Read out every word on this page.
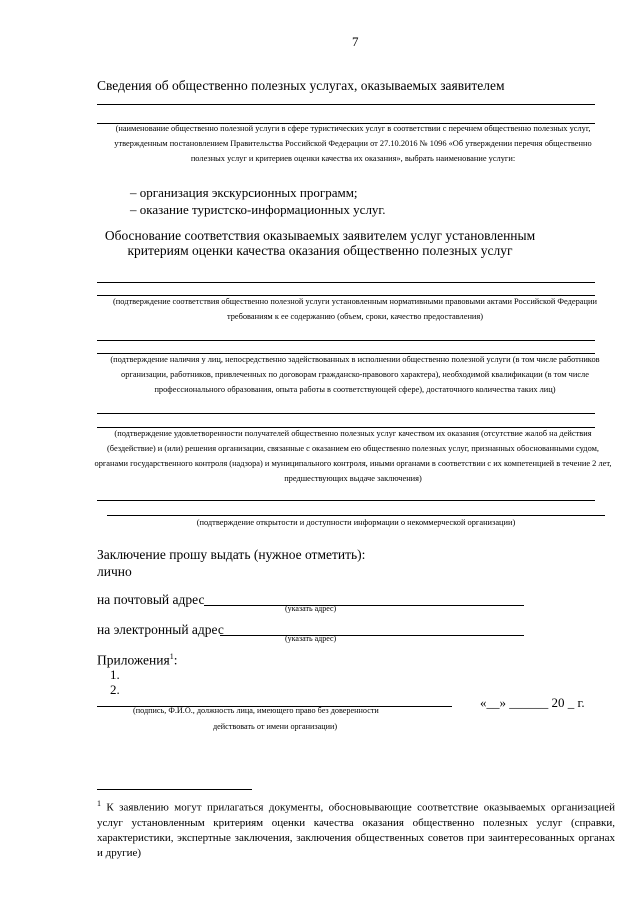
7
Сведения об общественно полезных услугах, оказываемых заявителем
(наименование общественно полезной услуги в сфере туристических услуг в соответствии с перечнем общественно полезных услуг, утвержденным постановлением Правительства Российской Федерации от 27.10.2016 № 1096 «Об утверждении перечня общественно полезных услуг и критериев оценки качества их оказания», выбрать наименование услуги:
– организация экскурсионных программ;
– оказание туристско-информационных услуг.
Обоснование соответствия оказываемых заявителем услуг установленным
критериям оценки качества оказания общественно полезных услуг
(подтверждение соответствия общественно полезной услуги установленным нормативными правовыми актами Российской Федерации требованиям к ее содержанию (объем, сроки, качество предоставления)
(подтверждение наличия у лиц, непосредственно задействованных в исполнении общественно полезной услуги (в том числе работников организации, работников, привлеченных по договорам гражданско-правового характера), необходимой квалификации (в том числе профессионального образования, опыта работы в соответствующей сфере), достаточного количества таких лиц)
(подтверждение удовлетворенности получателей общественно полезных услуг качеством их оказания (отсутствие жалоб на действия (бездействие) и (или) решения организации, связанные с оказанием ею общественно полезных услуг, признанных обоснованными судом, органами государственного контроля (надзора) и муниципального контроля, иными органами в соответствии с их компетенцией в течение 2 лет, предшествующих выдаче заключения)
(подтверждение открытости и доступности информации о некоммерческой организации)
Заключение прошу выдать (нужное отметить):
лично
на почтовый адрес
(указать адрес)
на электронный адрес
(указать адрес)
Приложения$^1$:
1.
2.
(подпись, Ф.И.О., должность лица, имеющего право без доверенности
действовать от имени организации)
«__» ______ 20 _ г.
$^1$ К заявлению могут прилагаться документы, обосновывающие соответствие оказываемых организацией услуг установленным критериям оценки качества оказания общественно полезных услуг (справки, характеристики, экспертные заключения, заключения общественных советов при заинтересованных органах и другие)
